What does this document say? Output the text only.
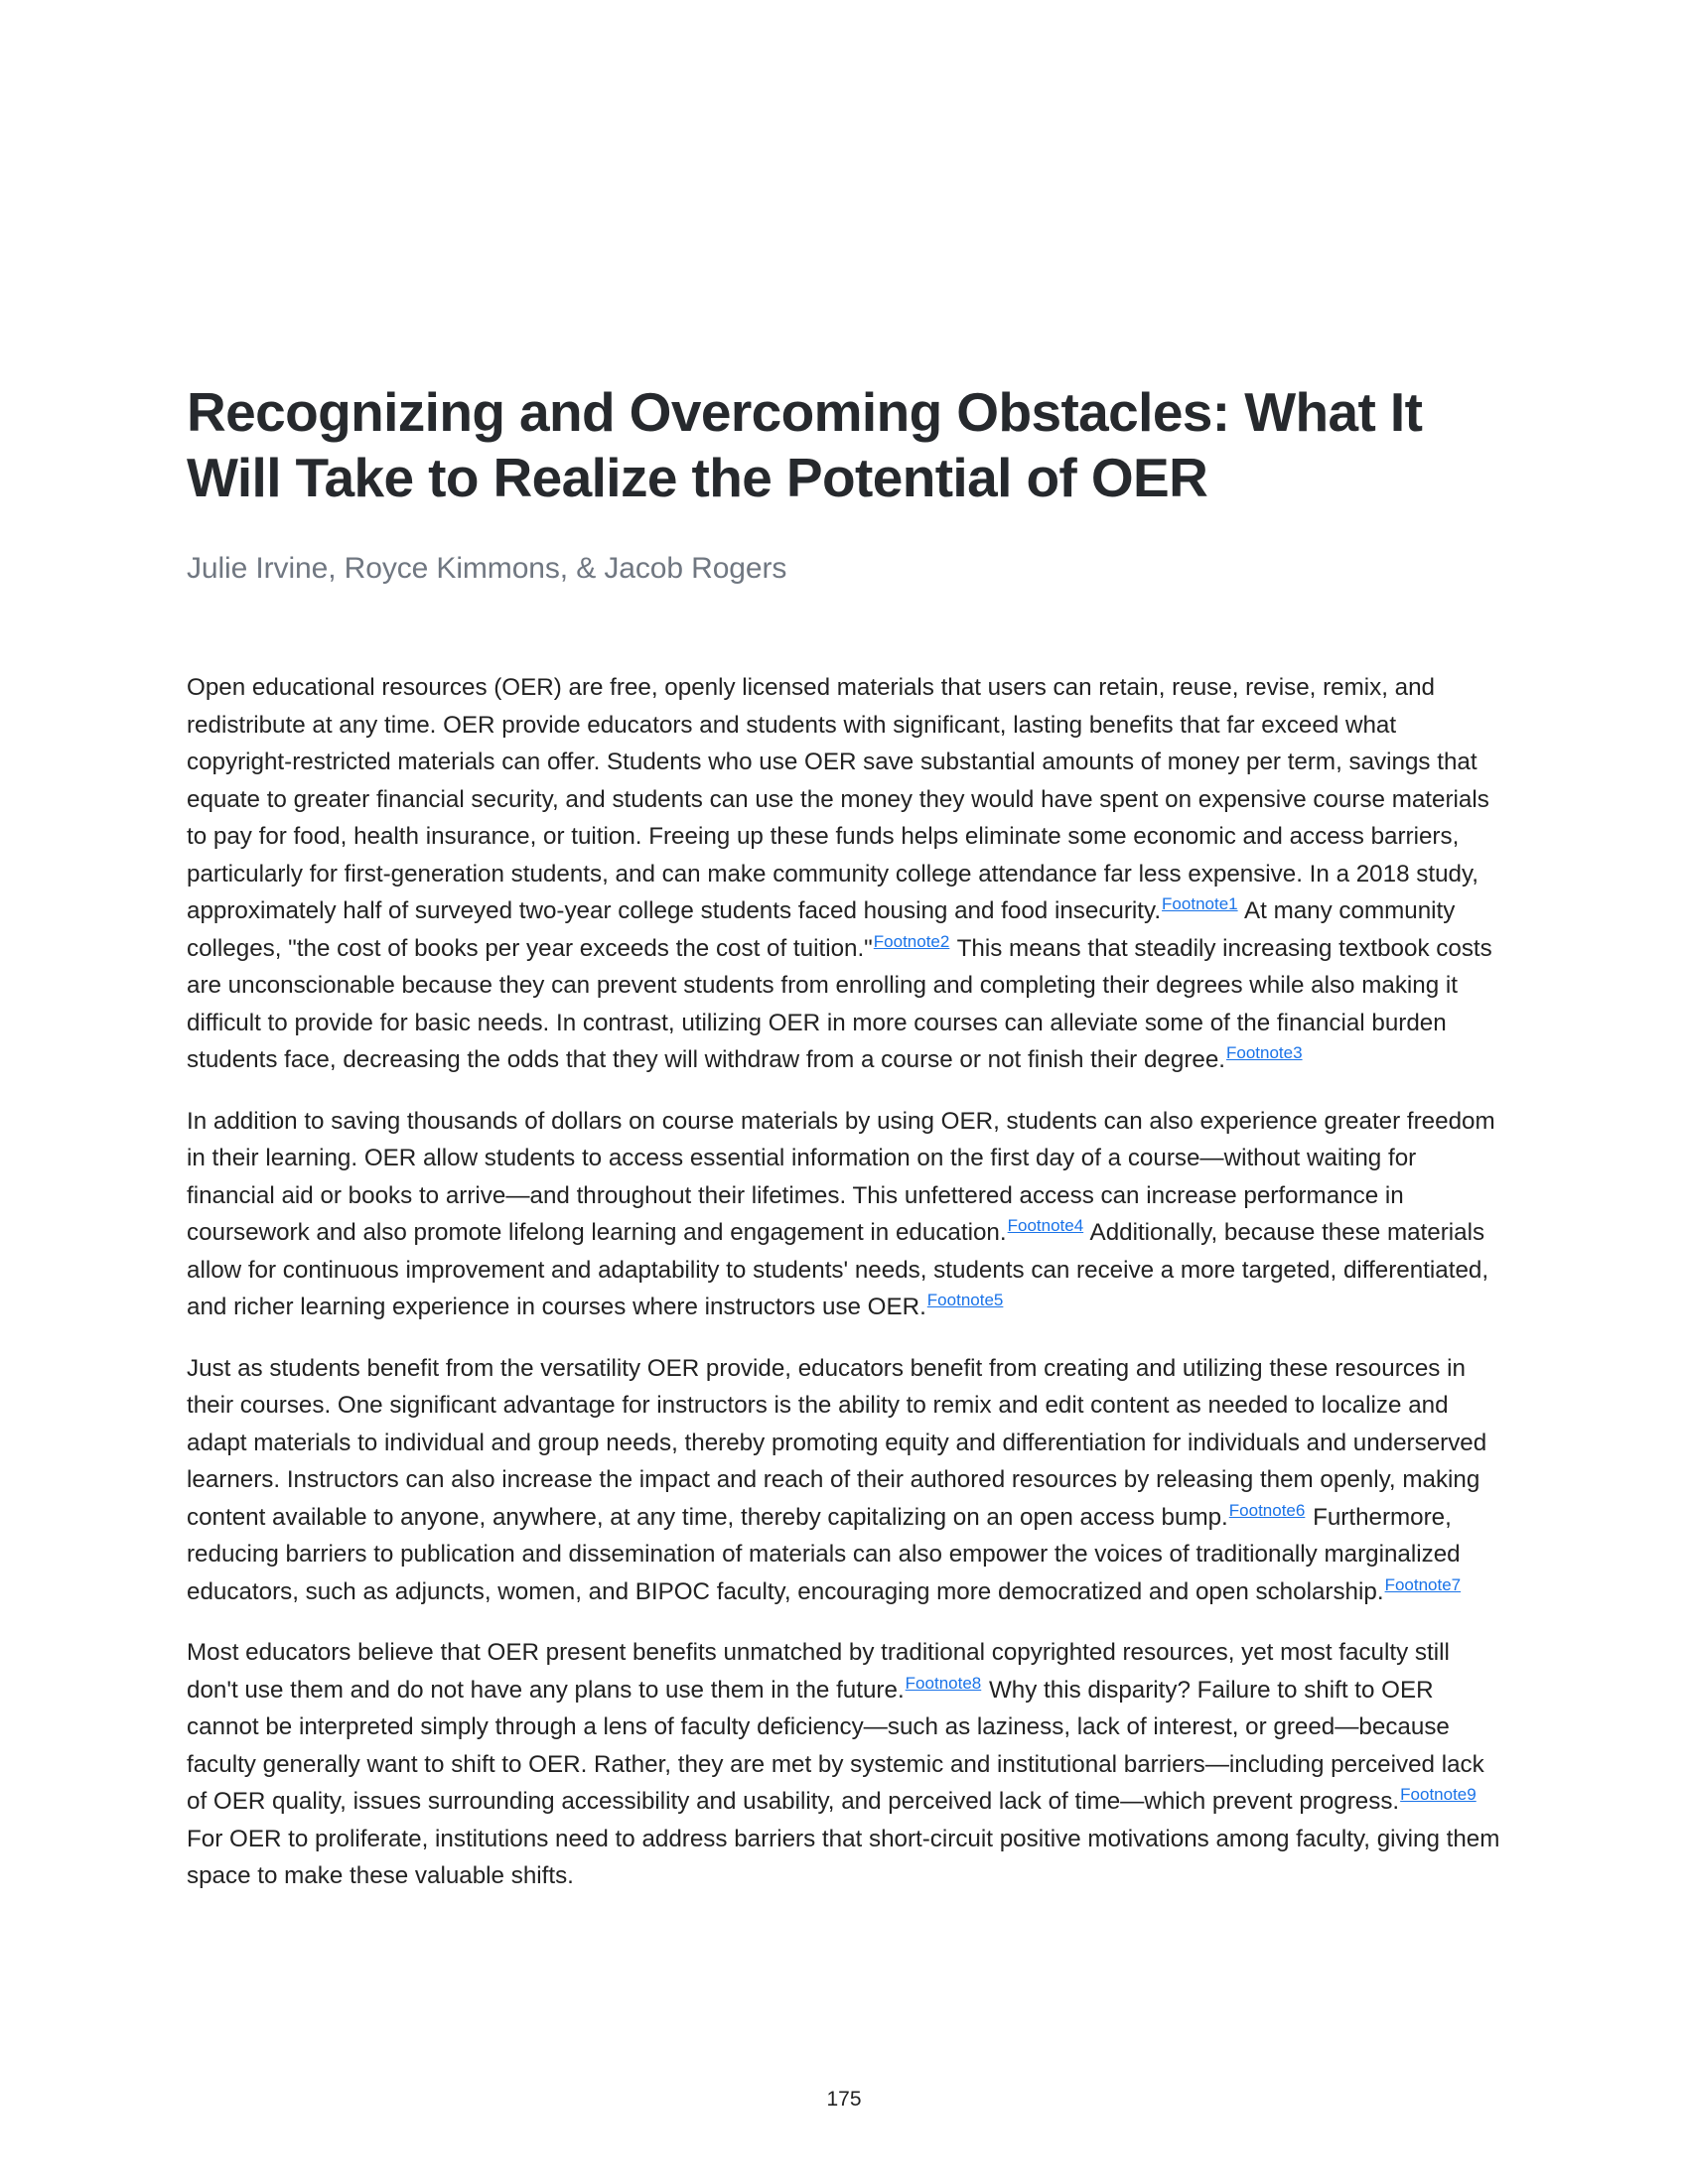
Recognizing and Overcoming Obstacles: What It Will Take to Realize the Potential of OER

Julie Irvine, Royce Kimmons, & Jacob Rogers

Open educational resources (OER) are free, openly licensed materials that users can retain, reuse, revise, remix, and redistribute at any time. OER provide educators and students with significant, lasting benefits that far exceed what copyright-restricted materials can offer. Students who use OER save substantial amounts of money per term, savings that equate to greater financial security, and students can use the money they would have spent on expensive course materials to pay for food, health insurance, or tuition. Freeing up these funds helps eliminate some economic and access barriers, particularly for first-generation students, and can make community college attendance far less expensive. In a 2018 study, approximately half of surveyed two-year college students faced housing and food insecurity.$^{Footnote1}$ At many community colleges, "the cost of books per year exceeds the cost of tuition."$^{Footnote2}$ This means that steadily increasing textbook costs are unconscionable because they can prevent students from enrolling and completing their degrees while also making it difficult to provide for basic needs. In contrast, utilizing OER in more courses can alleviate some of the financial burden students face, decreasing the odds that they will withdraw from a course or not finish their degree.$^{Footnote3}$

In addition to saving thousands of dollars on course materials by using OER, students can also experience greater freedom in their learning. OER allow students to access essential information on the first day of a course—without waiting for financial aid or books to arrive—and throughout their lifetimes. This unfettered access can increase performance in coursework and also promote lifelong learning and engagement in education.$^{Footnote4}$ Additionally, because these materials allow for continuous improvement and adaptability to students' needs, students can receive a more targeted, differentiated, and richer learning experience in courses where instructors use OER.$^{Footnote5}$

Just as students benefit from the versatility OER provide, educators benefit from creating and utilizing these resources in their courses. One significant advantage for instructors is the ability to remix and edit content as needed to localize and adapt materials to individual and group needs, thereby promoting equity and differentiation for individuals and underserved learners. Instructors can also increase the impact and reach of their authored resources by releasing them openly, making content available to anyone, anywhere, at any time, thereby capitalizing on an open access bump.$^{Footnote6}$ Furthermore, reducing barriers to publication and dissemination of materials can also empower the voices of traditionally marginalized educators, such as adjuncts, women, and BIPOC faculty, encouraging more democratized and open scholarship.$^{Footnote7}$

Most educators believe that OER present benefits unmatched by traditional copyrighted resources, yet most faculty still don't use them and do not have any plans to use them in the future.$^{Footnote8}$ Why this disparity? Failure to shift to OER cannot be interpreted simply through a lens of faculty deficiency—such as laziness, lack of interest, or greed—because faculty generally want to shift to OER. Rather, they are met by systemic and institutional barriers—including perceived lack of OER quality, issues surrounding accessibility and usability, and perceived lack of time—which prevent progress.$^{Footnote9}$ For OER to proliferate, institutions need to address barriers that short-circuit positive motivations among faculty, giving them space to make these valuable shifts.

175
